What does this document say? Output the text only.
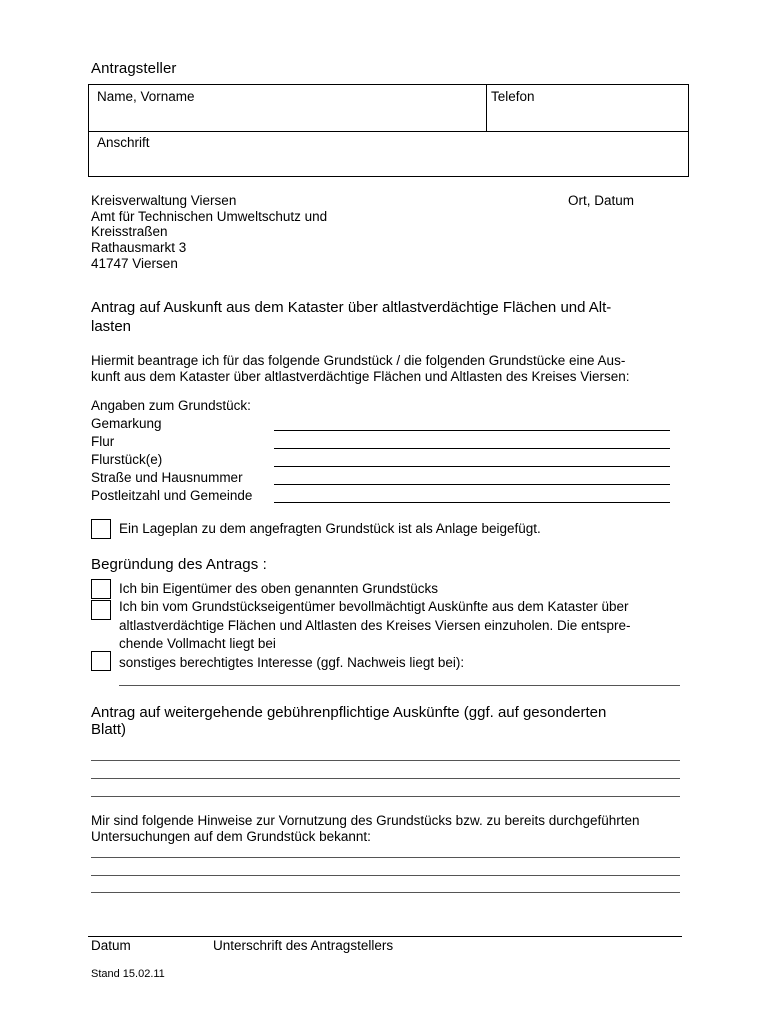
Antragsteller
Name, Vorname	Telefon
Anschrift
Kreisverwaltung Viersen
Amt für Technischen Umweltschutz und
Kreisstraßen
Rathausmarkt 3
41747 Viersen
Ort, Datum
Antrag auf Auskunft aus dem Kataster über altlastverdächtige Flächen und Alt-
lasten
Hiermit beantrage ich für das folgende Grundstück / die folgenden Grundstücke eine Aus-
kunft aus dem Kataster über altlastverdächtige Flächen und Altlasten des Kreises Viersen:
Angaben zum Grundstück:
Gemarkung
Flur
Flurstück(e)
Straße und Hausnummer
Postleitzahl und Gemeinde
Ein Lageplan zu dem angefragten Grundstück ist als Anlage beigefügt.
Begründung des Antrags :
Ich bin Eigentümer des oben genannten Grundstücks
Ich bin vom Grundstückseigentümer bevollmächtigt Auskünfte aus dem Kataster über
altlastverdächtige Flächen und Altlasten des Kreises Viersen einzuholen. Die entspre-
chende Vollmacht liegt bei
sonstiges berechtigtes Interesse (ggf. Nachweis liegt bei):
Antrag auf weitergehende gebührenpflichtige Auskünfte (ggf. auf gesonderten
Blatt)
Mir sind folgende Hinweise zur Vornutzung des Grundstücks bzw. zu bereits durchgeführten
Untersuchungen auf dem Grundstück bekannt:
Datum	Unterschrift des Antragstellers
Stand 15.02.11
